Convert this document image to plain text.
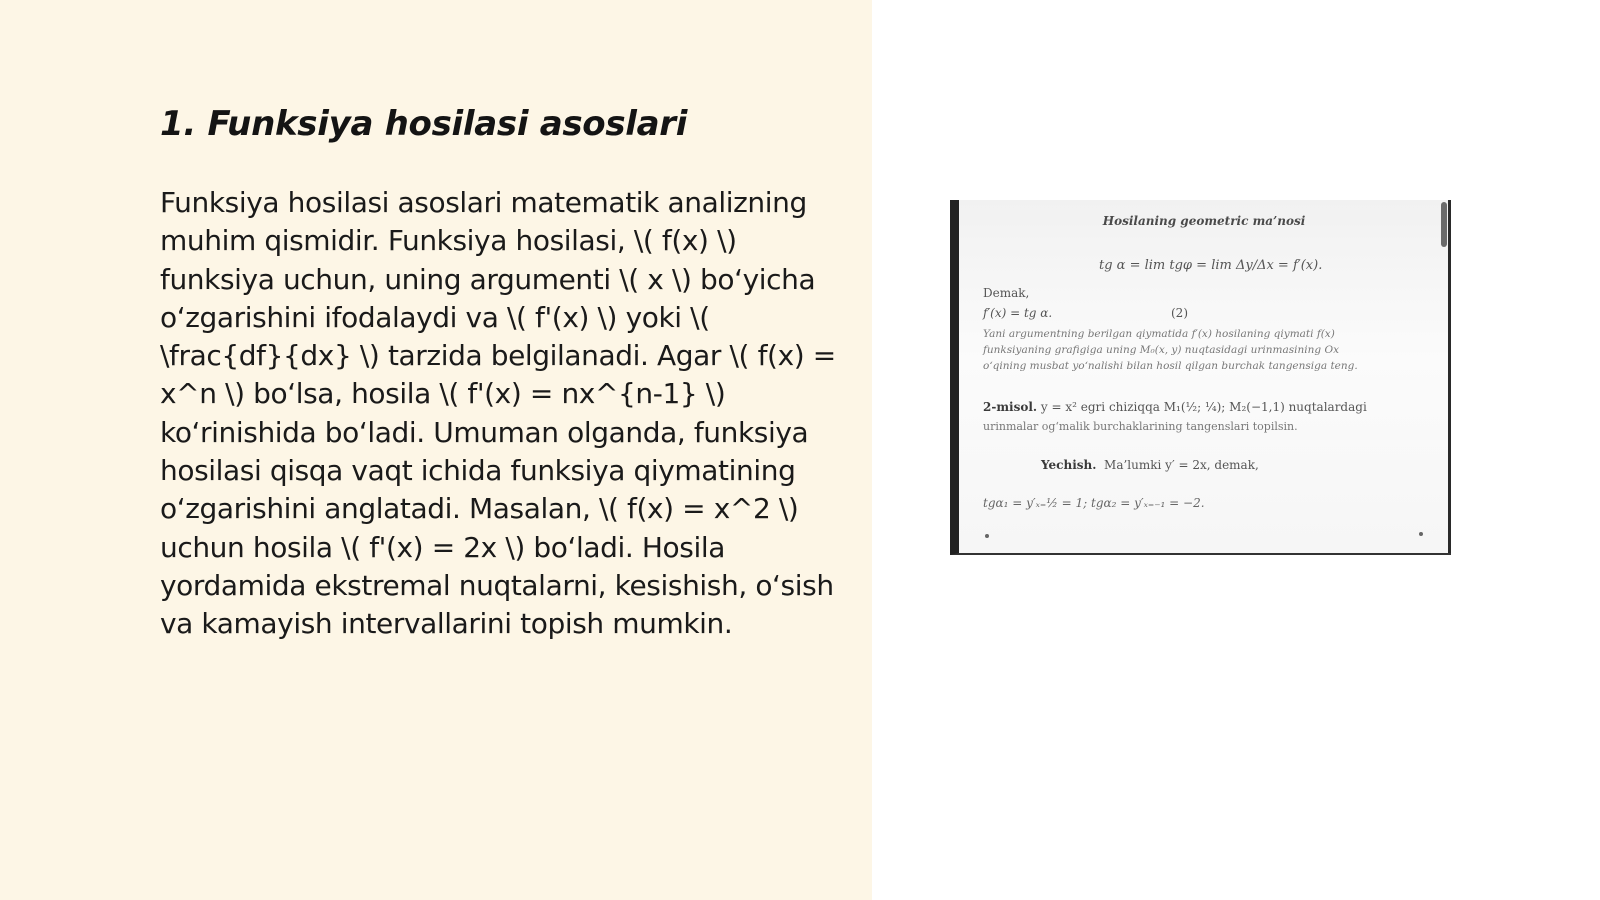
1. Funksiya hosilasi asoslari

Funksiya hosilasi asoslari matematik analizning muhim qismidir. Funksiya hosilasi, \( f(x) \) funksiya uchun, uning argumenti \( x \) bo‘yicha o‘zgarishini ifodalaydi va \( f'(x) \) yoki \( \frac{df}{dx} \) tarzida belgilanadi. Agar \( f(x) = x^n \) bo‘lsa, hosila \( f'(x) = nx^{n-1} \) ko‘rinishida bo‘ladi. Umuman olganda, funksiya hosilasi qisqa vaqt ichida funksiya qiymatining o‘zgarishini anglatadi. Masalan, \( f(x) = x^2 \) uchun hosila \( f'(x) = 2x \) bo‘ladi. Hosila yordamida ekstremal nuqtalarni, kesishish, o‘sish va kamayish intervallarini topish mumkin.

Hosilaning geometric ma’nosi
tg α = lim tgφ = lim Δy/Δx = f′(x).
Demak,
f′(x) = tg α.	(2)
Yani argumentning berilgan qiymatida f′(x) hosilaning qiymati f(x)
funksiyaning grafigiga uning M₀(x, y) nuqtasidagi urinmasining Ox
o‘qining musbat yo‘nalishi bilan hosil qilgan burchak tangensiga teng.
2-misol. y = x² egri chiziqqa M₁(½; ¼); M₂(−1,1) nuqtalardagi
urinmalar og‘malik burchaklarining tangenslari topilsin.
Yechish. Ma’lumki y′ = 2x, demak,
tgα₁ = y′ₓ₌½ = 1; tgα₂ = y′ₓ₌₋₁ = −2.
